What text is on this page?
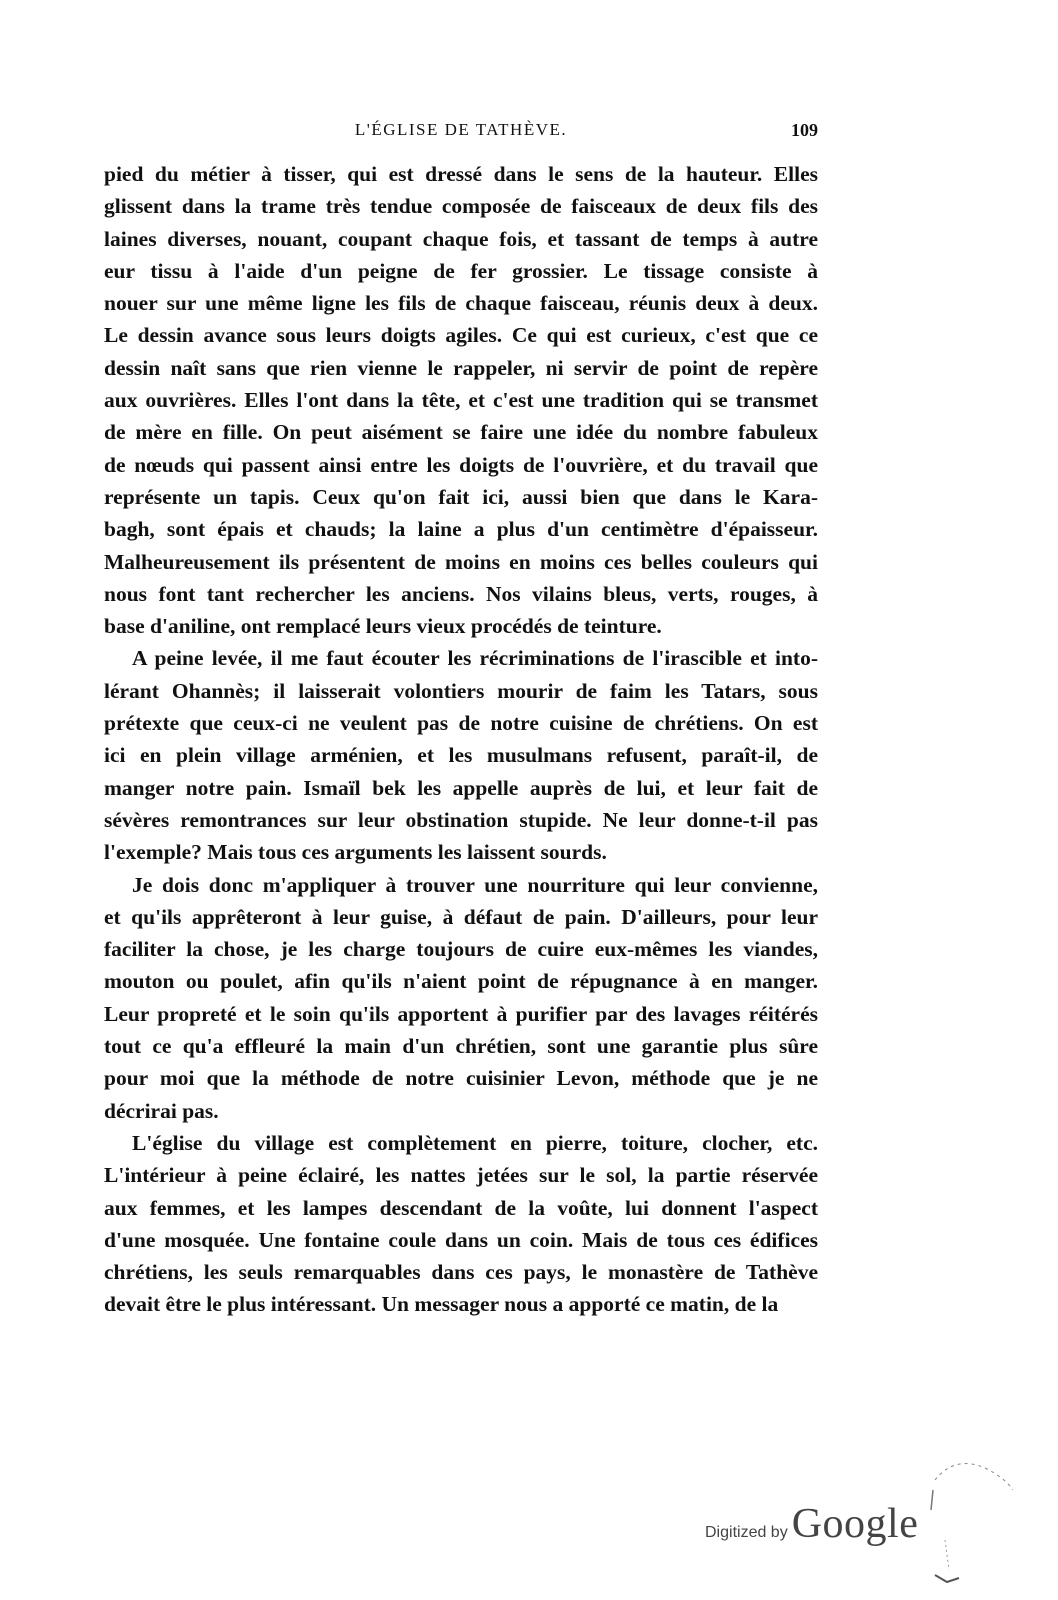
L'ÉGLISE DE TATHÈVE.	109

pied du métier à tisser, qui est dressé dans le sens de la hauteur. Elles

glissent dans la trame très tendue composée de faisceaux de deux fils des

laines diverses, nouant, coupant chaque fois, et tassant de temps à autre

eur tissu à l'aide d'un peigne de fer grossier. Le tissage consiste à

nouer sur une même ligne les fils de chaque faisceau, réunis deux à deux.

Le dessin avance sous leurs doigts agiles. Ce qui est curieux, c'est que ce

dessin naît sans que rien vienne le rappeler, ni servir de point de repère

aux ouvrières. Elles l'ont dans la tête, et c'est une tradition qui se transmet

de mère en fille. On peut aisément se faire une idée du nombre fabuleux

de nœuds qui passent ainsi entre les doigts de l'ouvrière, et du travail que

représente un tapis. Ceux qu'on fait ici, aussi bien que dans le Kara-

bagh, sont épais et chauds; la laine a plus d'un centimètre d'épaisseur.

Malheureusement ils présentent de moins en moins ces belles couleurs qui

nous font tant rechercher les anciens. Nos vilains bleus, verts, rouges, à

base d'aniline, ont remplacé leurs vieux procédés de teinture.

A peine levée, il me faut écouter les récriminations de l'irascible et into-

lérant Ohannès; il laisserait volontiers mourir de faim les Tatars, sous

prétexte que ceux-ci ne veulent pas de notre cuisine de chrétiens. On est

ici en plein village arménien, et les musulmans refusent, paraît-il, de

manger notre pain. Ismaïl bek les appelle auprès de lui, et leur fait de

sévères remontrances sur leur obstination stupide. Ne leur donne-t-il pas

l'exemple? Mais tous ces arguments les laissent sourds.

Je dois donc m'appliquer à trouver une nourriture qui leur convienne,

et qu'ils apprêteront à leur guise, à défaut de pain. D'ailleurs, pour leur

faciliter la chose, je les charge toujours de cuire eux-mêmes les viandes,

mouton ou poulet, afin qu'ils n'aient point de répugnance à en manger.

Leur propreté et le soin qu'ils apportent à purifier par des lavages réitérés

tout ce qu'a effleuré la main d'un chrétien, sont une garantie plus sûre

pour moi que la méthode de notre cuisinier Levon, méthode que je ne

décrirai pas.

L'église du village est complètement en pierre, toiture, clocher, etc.

L'intérieur à peine éclairé, les nattes jetées sur le sol, la partie réservée

aux femmes, et les lampes descendant de la voûte, lui donnent l'aspect

d'une mosquée. Une fontaine coule dans un coin. Mais de tous ces édifices

chrétiens, les seuls remarquables dans ces pays, le monastère de Tathève

devait être le plus intéressant. Un messager nous a apporté ce matin, de la

Digitized by Google
